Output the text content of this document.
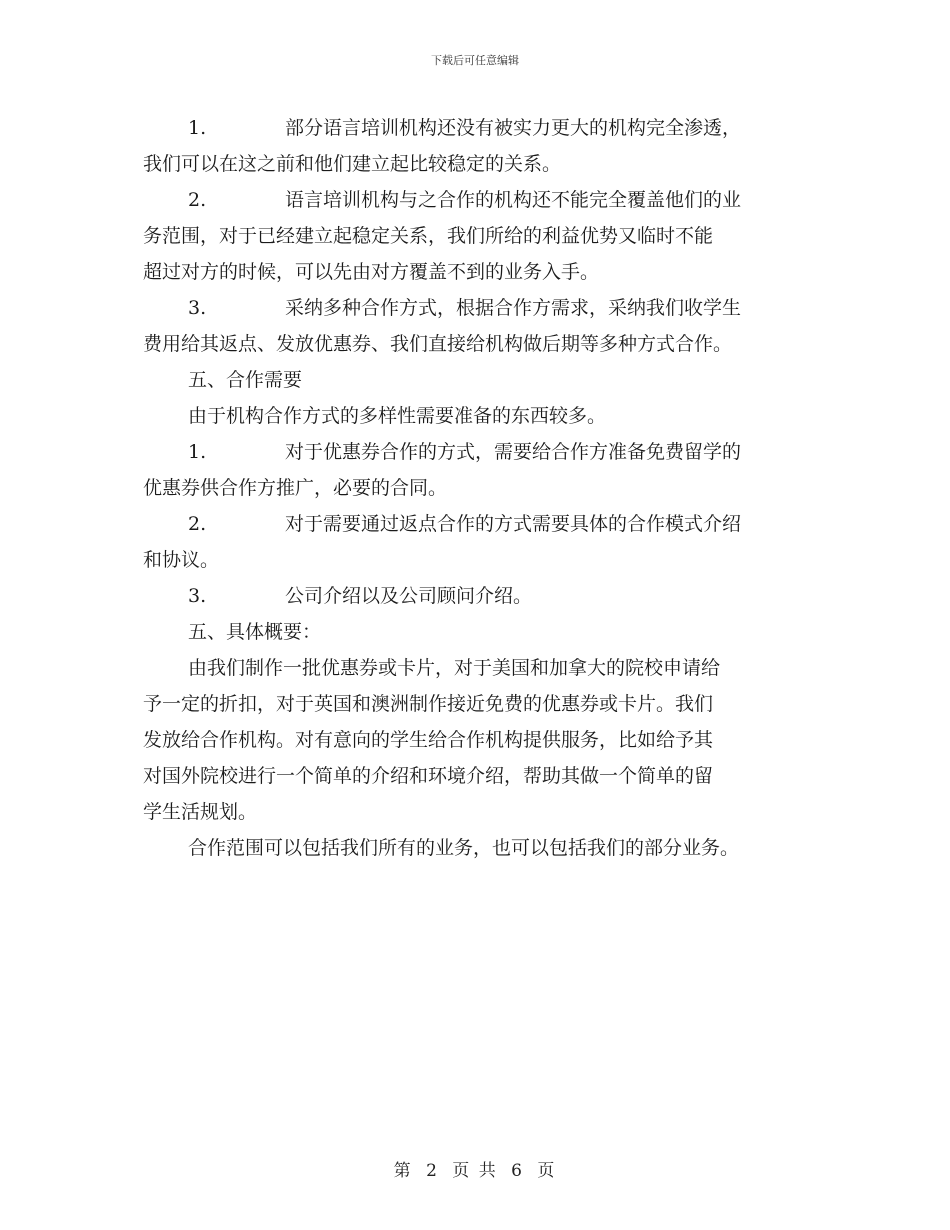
下载后可任意编辑
1.	部分语言培训机构还没有被实力更大的机构完全渗透，
我们可以在这之前和他们建立起比较稳定的关系。
2.	语言培训机构与之合作的机构还不能完全覆盖他们的业
务范围，对于已经建立起稳定关系，我们所给的利益优势又临时不能
超过对方的时候，可以先由对方覆盖不到的业务入手。
3.	采纳多种合作方式，根据合作方需求，采纳我们收学生
费用给其返点、发放优惠券、我们直接给机构做后期等多种方式合作。
五、合作需要
由于机构合作方式的多样性需要准备的东西较多。
1.	对于优惠券合作的方式，需要给合作方准备免费留学的
优惠券供合作方推广，必要的合同。
2.	对于需要通过返点合作的方式需要具体的合作模式介绍
和协议。
3.	公司介绍以及公司顾问介绍。
五、具体概要：
由我们制作一批优惠券或卡片，对于美国和加拿大的院校申请给
予一定的折扣，对于英国和澳洲制作接近免费的优惠券或卡片。我们
发放给合作机构。对有意向的学生给合作机构提供服务，比如给予其
对国外院校进行一个简单的介绍和环境介绍，帮助其做一个简单的留
学生活规划。
合作范围可以包括我们所有的业务，也可以包括我们的部分业务。
第 2 页 共 6 页
